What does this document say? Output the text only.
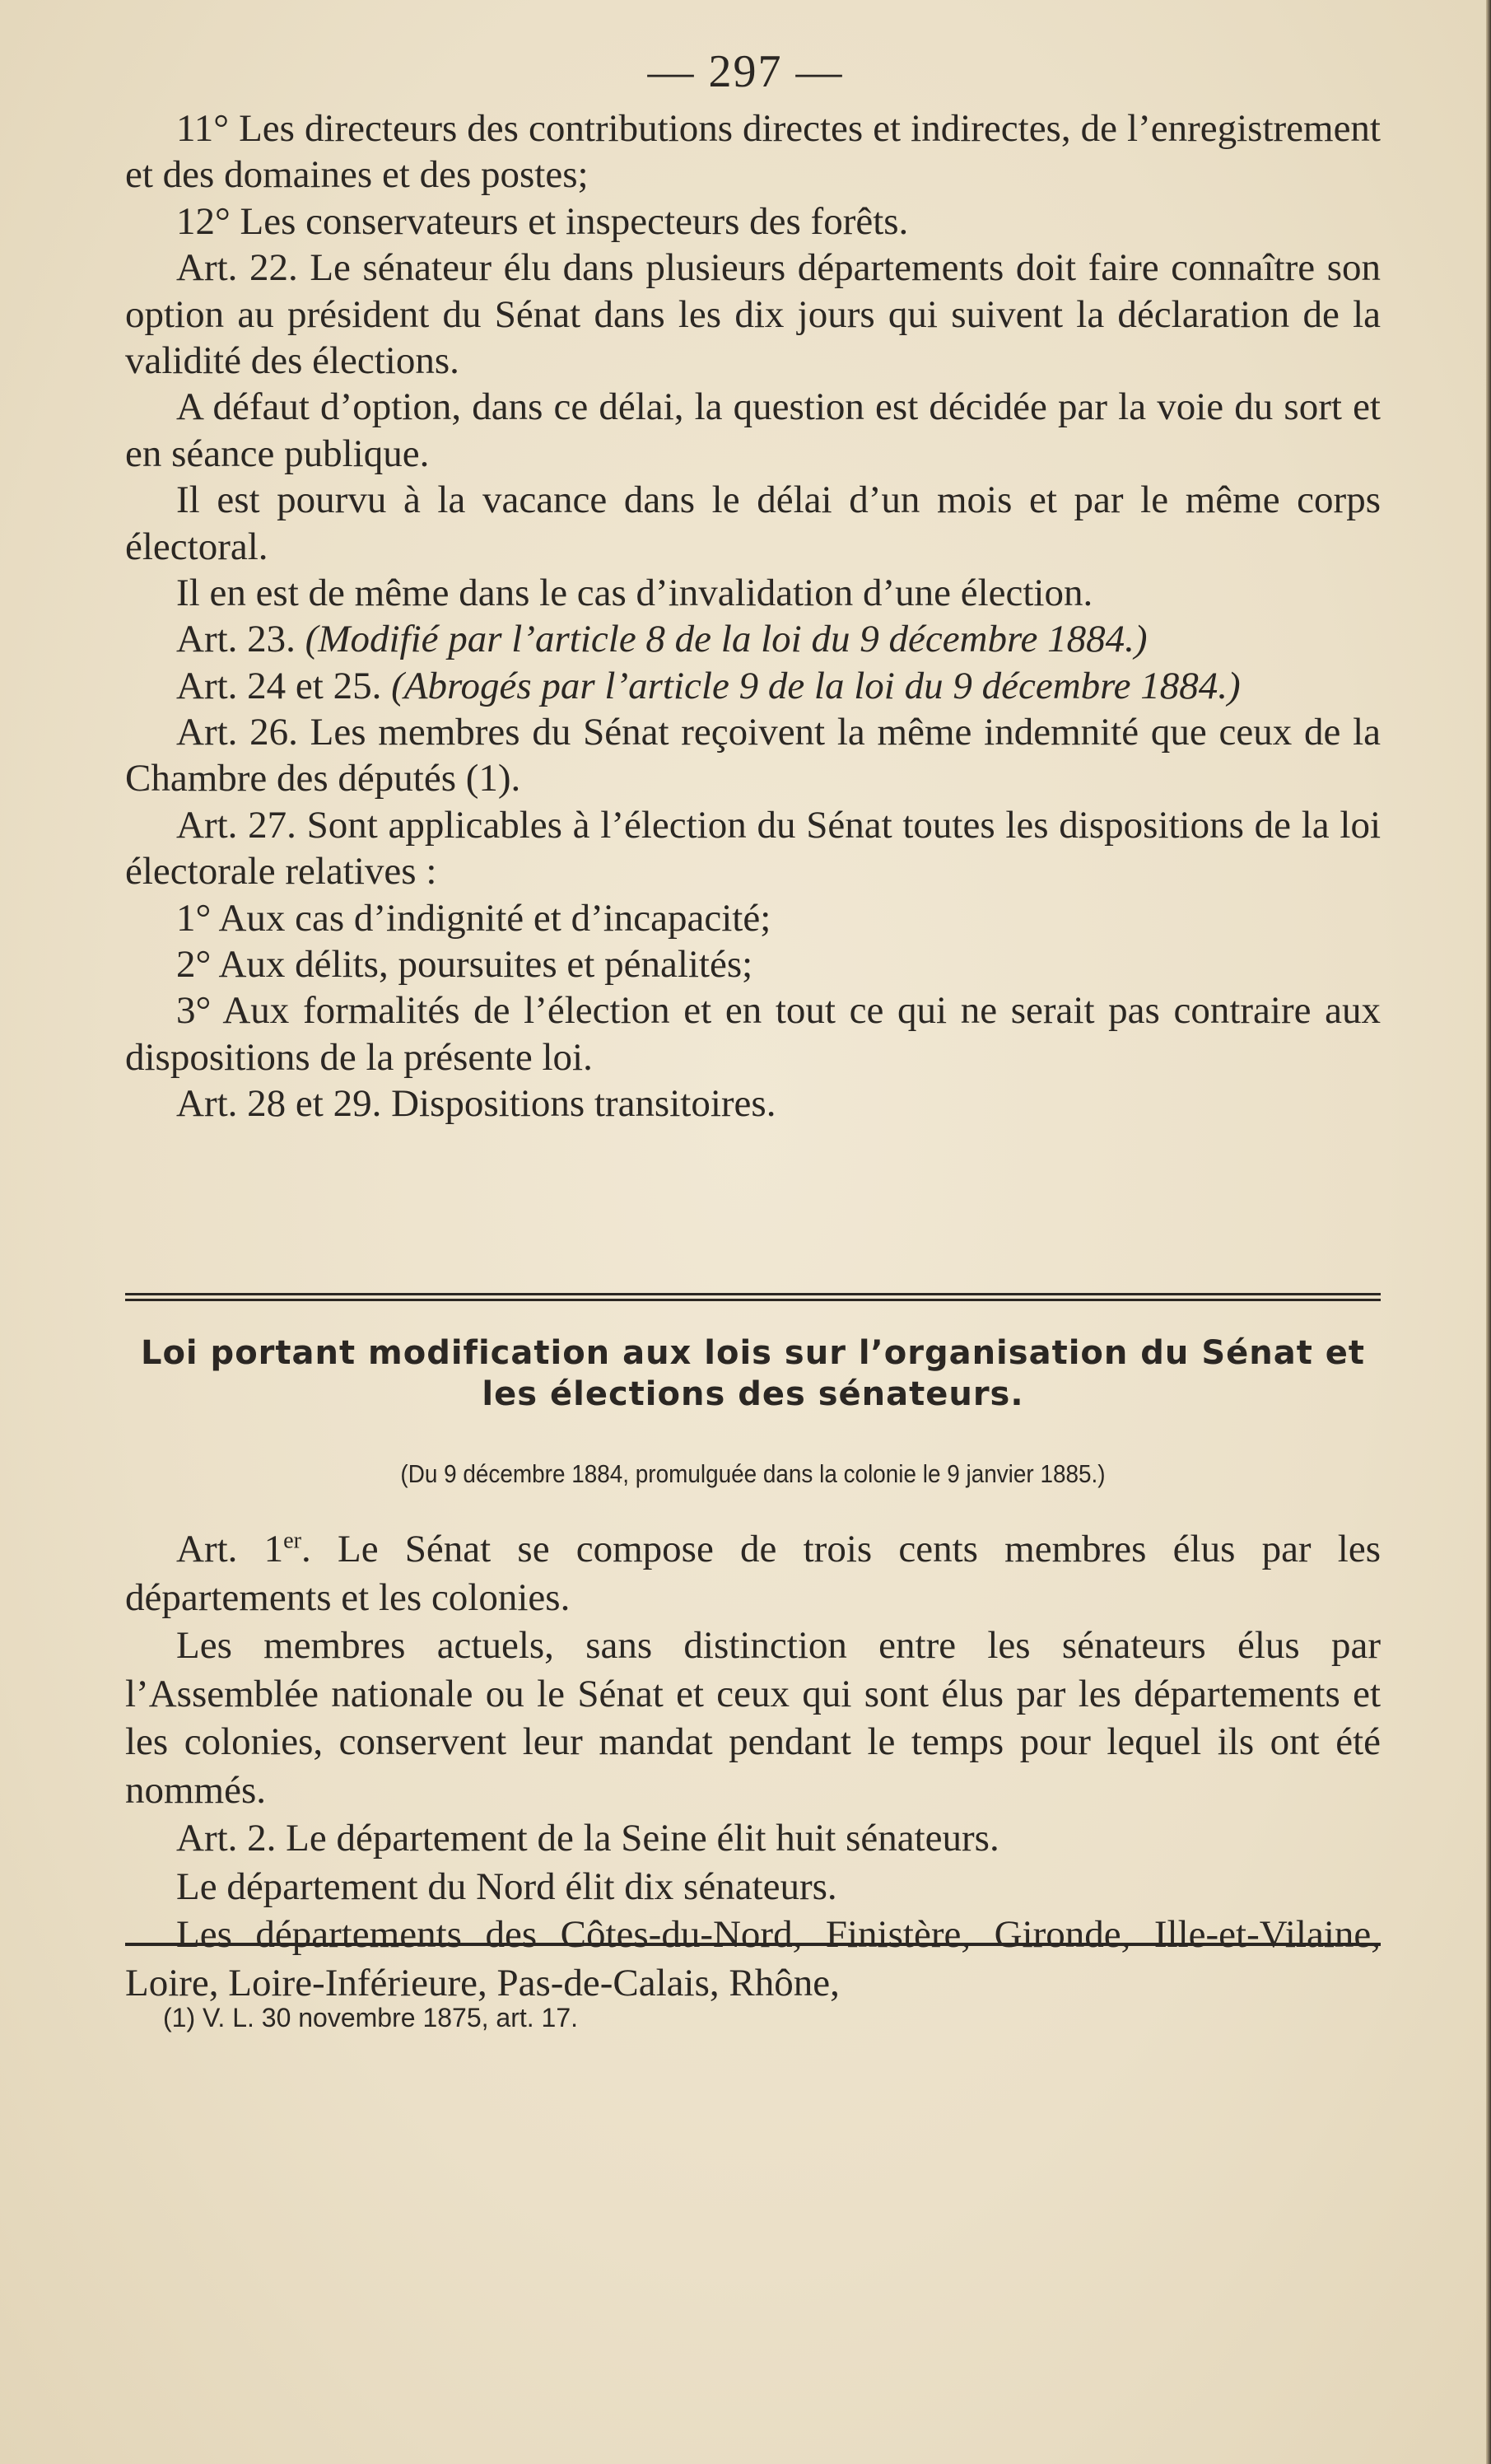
— 297 —

11° Les directeurs des contributions directes et indirectes, de l’enregistrement et des domaines et des postes;

12° Les conservateurs et inspecteurs des forêts.

Art. 22. Le sénateur élu dans plusieurs départements doit faire connaître son option au président du Sénat dans les dix jours qui suivent la déclaration de la validité des élections.

A défaut d’option, dans ce délai, la question est décidée par la voie du sort et en séance publique.

Il est pourvu à la vacance dans le délai d’un mois et par le même corps électoral.

Il en est de même dans le cas d’invalidation d’une élection.

Art. 23. (Modifié par l’article 8 de la loi du 9 décembre 1884.)

Art. 24 et 25. (Abrogés par l’article 9 de la loi du 9 décembre 1884.)

Art. 26. Les membres du Sénat reçoivent la même indemnité que ceux de la Chambre des députés (1).

Art. 27. Sont applicables à l’élection du Sénat toutes les dispositions de la loi électorale relatives :

1° Aux cas d’indignité et d’incapacité;

2° Aux délits, poursuites et pénalités;

3° Aux formalités de l’élection et en tout ce qui ne serait pas contraire aux dispositions de la présente loi.

Art. 28 et 29. Dispositions transitoires.

Loi portant modification aux lois sur l’organisation du Sénat et les élections des sénateurs.
(Du 9 décembre 1884, promulguée dans la colonie le 9 janvier 1885.)

Art. 1er. Le Sénat se compose de trois cents membres élus par les départements et les colonies.

Les membres actuels, sans distinction entre les sénateurs élus par l’Assemblée nationale ou le Sénat et ceux qui sont élus par les départements et les colonies, conservent leur mandat pendant le temps pour lequel ils ont été nommés.

Art. 2. Le département de la Seine élit huit sénateurs.

Le département du Nord élit dix sénateurs.

Les départements des Côtes-du-Nord, Finistère, Gironde, Ille-et-Vilaine, Loire, Loire-Inférieure, Pas-de-Calais, Rhône,

(1) V. L. 30 novembre 1875, art. 17.
